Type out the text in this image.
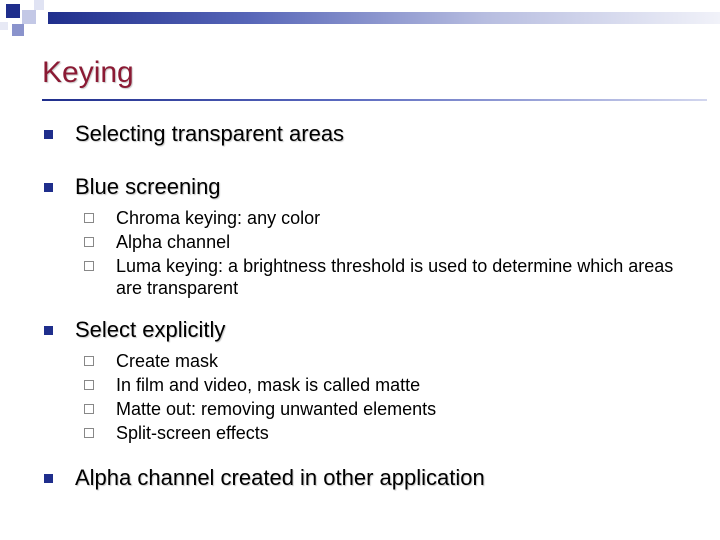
Keying
Selecting transparent areas
Blue screening
Chroma keying: any color
Alpha channel
Luma keying: a brightness threshold is used to determine which areas are transparent
Select explicitly
Create mask
In film and video, mask is called matte
Matte out: removing unwanted elements
Split-screen effects
Alpha channel created in other application
